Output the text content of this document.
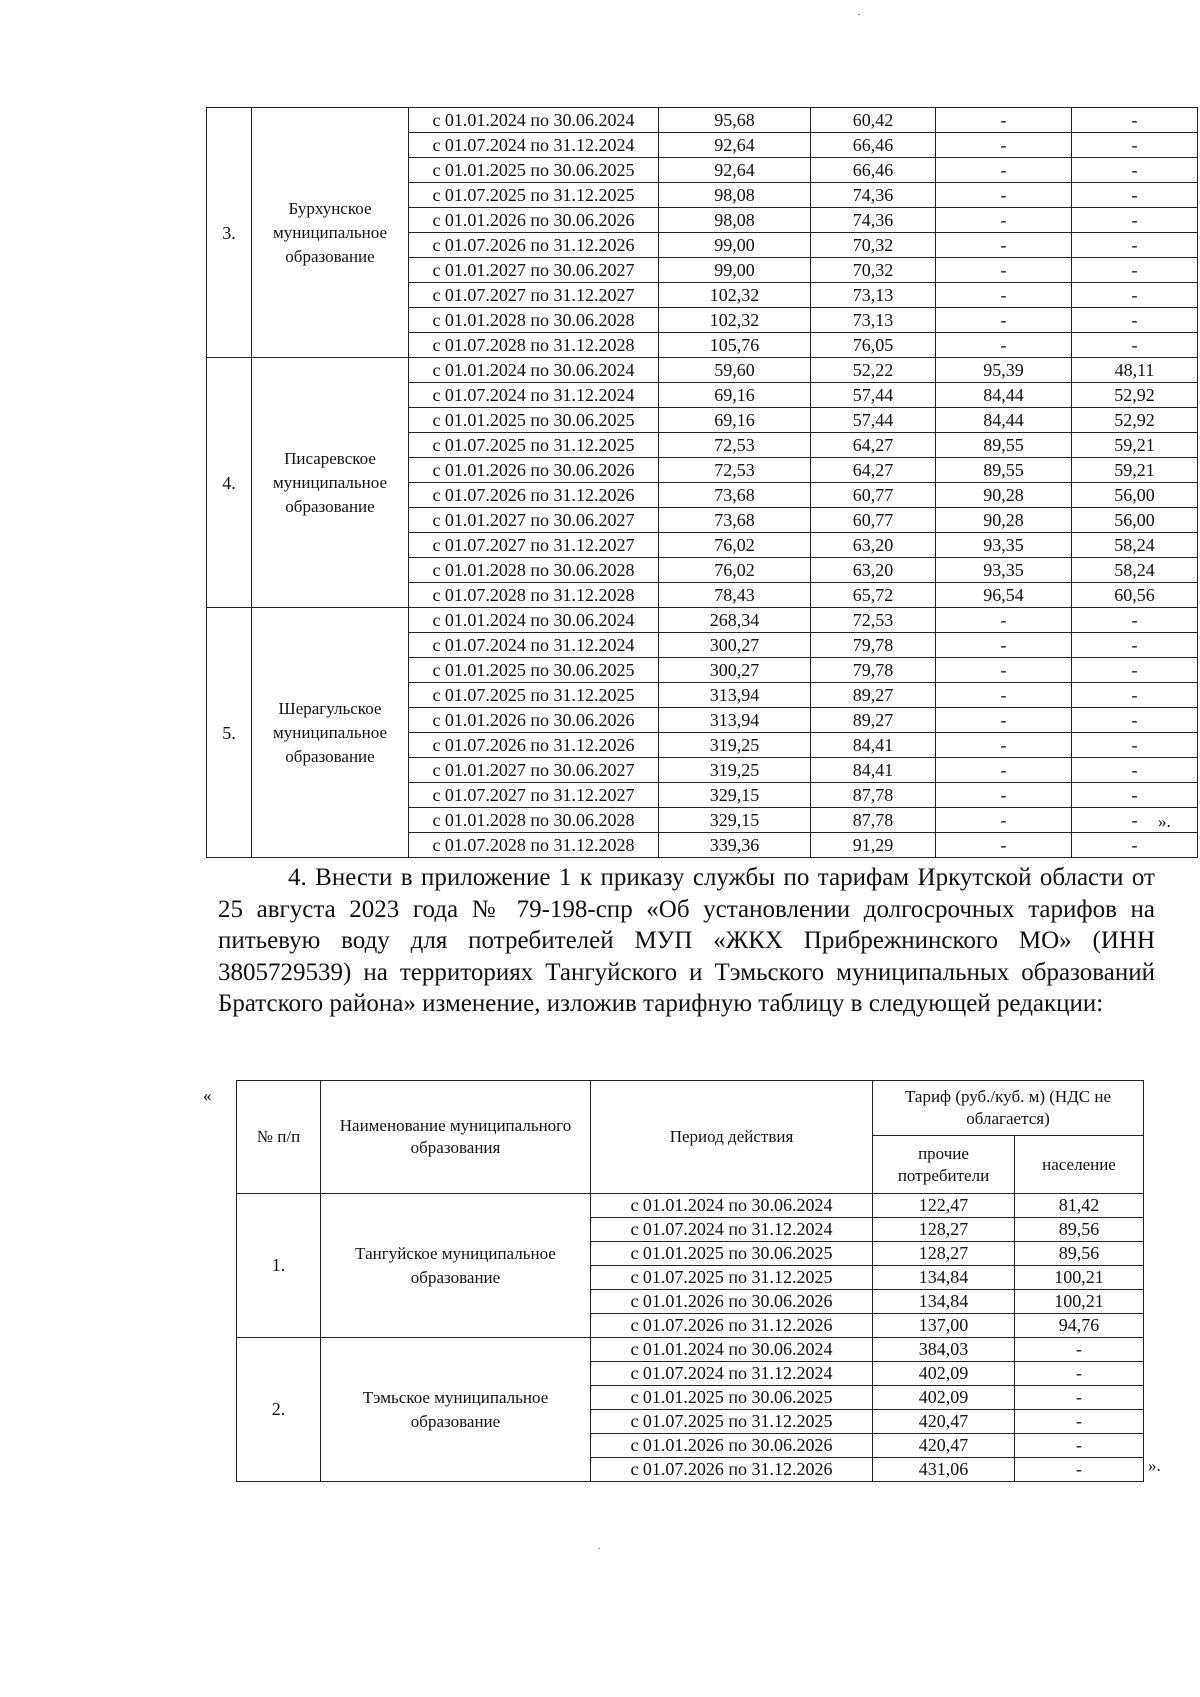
3.	Бурхунское муниципальное образование	с 01.01.2024 по 30.06.2024	95,68	60,42	-	-
		с 01.07.2024 по 31.12.2024	92,64	66,46	-	-
		с 01.01.2025 по 30.06.2025	92,64	66,46	-	-
		с 01.07.2025 по 31.12.2025	98,08	74,36	-	-
		с 01.01.2026 по 30.06.2026	98,08	74,36	-	-
		с 01.07.2026 по 31.12.2026	99,00	70,32	-	-
		с 01.01.2027 по 30.06.2027	99,00	70,32	-	-
		с 01.07.2027 по 31.12.2027	102,32	73,13	-	-
		с 01.01.2028 по 30.06.2028	102,32	73,13	-	-
		с 01.07.2028 по 31.12.2028	105,76	76,05	-	-
4.	Писаревское муниципальное образование	с 01.01.2024 по 30.06.2024	59,60	52,22	95,39	48,11
		с 01.07.2024 по 31.12.2024	69,16	57,44	84,44	52,92
		с 01.01.2025 по 30.06.2025	69,16	57,44	84,44	52,92
		с 01.07.2025 по 31.12.2025	72,53	64,27	89,55	59,21
		с 01.01.2026 по 30.06.2026	72,53	64,27	89,55	59,21
		с 01.07.2026 по 31.12.2026	73,68	60,77	90,28	56,00
		с 01.01.2027 по 30.06.2027	73,68	60,77	90,28	56,00
		с 01.07.2027 по 31.12.2027	76,02	63,20	93,35	58,24
		с 01.01.2028 по 30.06.2028	76,02	63,20	93,35	58,24
		с 01.07.2028 по 31.12.2028	78,43	65,72	96,54	60,56
5.	Шерагульское муниципальное образование	с 01.01.2024 по 30.06.2024	268,34	72,53	-	-
		с 01.07.2024 по 31.12.2024	300,27	79,78	-	-
		с 01.01.2025 по 30.06.2025	300,27	79,78	-	-
		с 01.07.2025 по 31.12.2025	313,94	89,27	-	-
		с 01.01.2026 по 30.06.2026	313,94	89,27	-	-
		с 01.07.2026 по 31.12.2026	319,25	84,41	-	-
		с 01.01.2027 по 30.06.2027	319,25	84,41	-	-
		с 01.07.2027 по 31.12.2027	329,15	87,78	-	-
		с 01.01.2028 по 30.06.2028	329,15	87,78	-	-
		с 01.07.2028 по 31.12.2028	339,36	91,29	-	-
».

4. Внести в приложение 1 к приказу службы по тарифам Иркутской области от 25 августа 2023 года № 79-198-спр «Об установлении долгосрочных тарифов на питьевую воду для потребителей МУП «ЖКХ Прибрежнинского МО» (ИНН 3805729539) на территориях Тангуйского и Тэмьского муниципальных образований Братского района» изменение, изложив тарифную таблицу в следующей редакции:

«
№ п/п	Наименование муниципального образования	Период действия	Тариф (руб./куб. м) (НДС не облагается)	
			прочие потребители	население
1.	Тангуйское муниципальное образование	с 01.01.2024 по 30.06.2024	122,47	81,42
		с 01.07.2024 по 31.12.2024	128,27	89,56
		с 01.01.2025 по 30.06.2025	128,27	89,56
		с 01.07.2025 по 31.12.2025	134,84	100,21
		с 01.01.2026 по 30.06.2026	134,84	100,21
		с 01.07.2026 по 31.12.2026	137,00	94,76
2.	Тэмьское муниципальное образование	с 01.01.2024 по 30.06.2024	384,03	-
		с 01.07.2024 по 31.12.2024	402,09	-
		с 01.01.2025 по 30.06.2025	402,09	-
		с 01.07.2025 по 31.12.2025	420,47	-
		с 01.01.2026 по 30.06.2026	420,47	-
		с 01.07.2026 по 31.12.2026	431,06	-	».
